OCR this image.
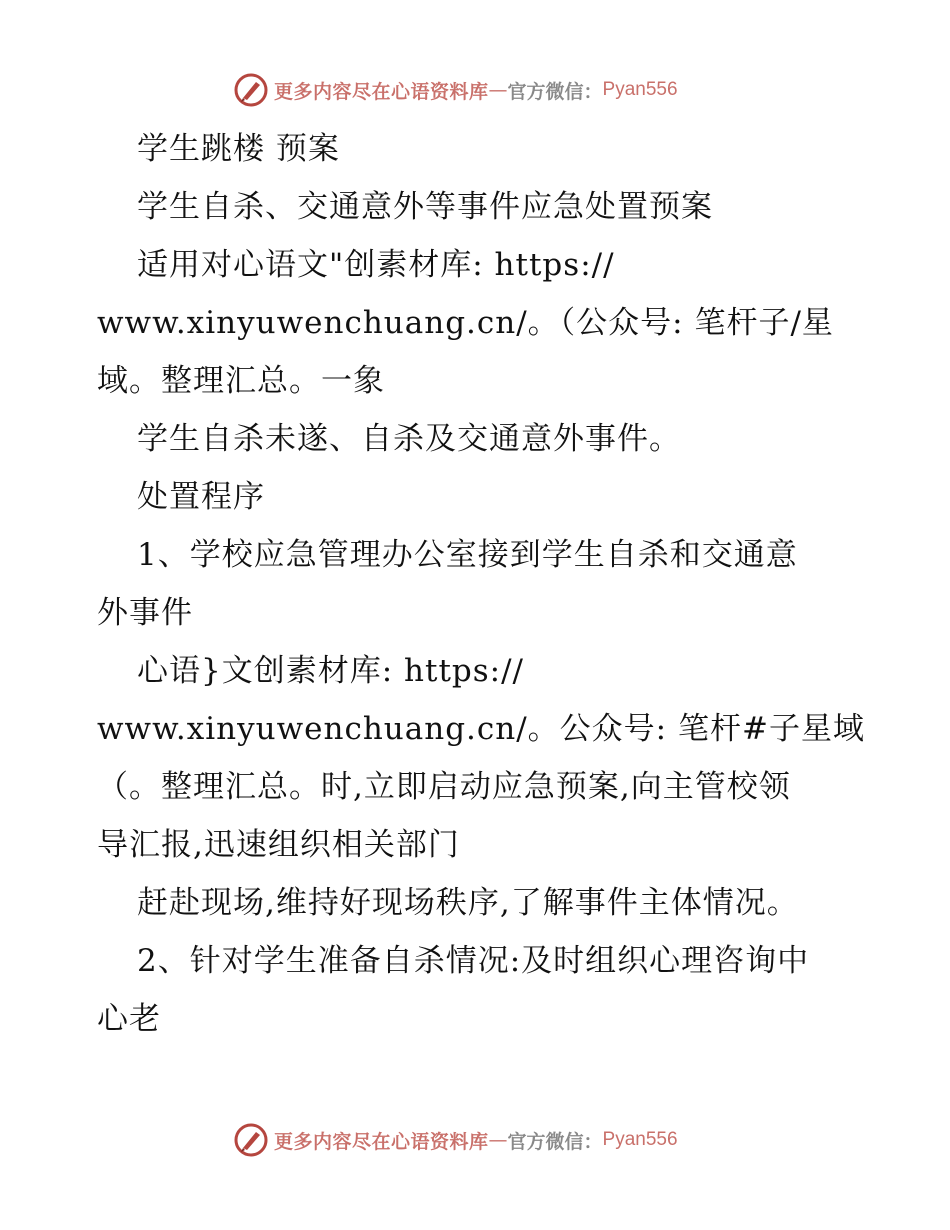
更多内容尽在心语资料库 — 官方微信： Pyan556
学生跳楼 预案
学生自杀、交通意外等事件应急处置预案
适用对心语文"创素材库: https://
www.xinyuwenchuang.cn/。（公众号: 笔杆子/星
域。整理汇总。一象
学生自杀未遂、自杀及交通意外事件。
处置程序
1、学校应急管理办公室接到学生自杀和交通意
外事件
心语}文创素材库: https://
www.xinyuwenchuang.cn/。公众号: 笔杆#子星域
（。整理汇总。时,立即启动应急预案,向主管校领
导汇报,迅速组织相关部门
赶赴现场,维持好现场秩序,了解事件主体情况。
2、针对学生准备自杀情况:及时组织心理咨询中
心老
更多内容尽在心语资料库 — 官方微信： Pyan556
